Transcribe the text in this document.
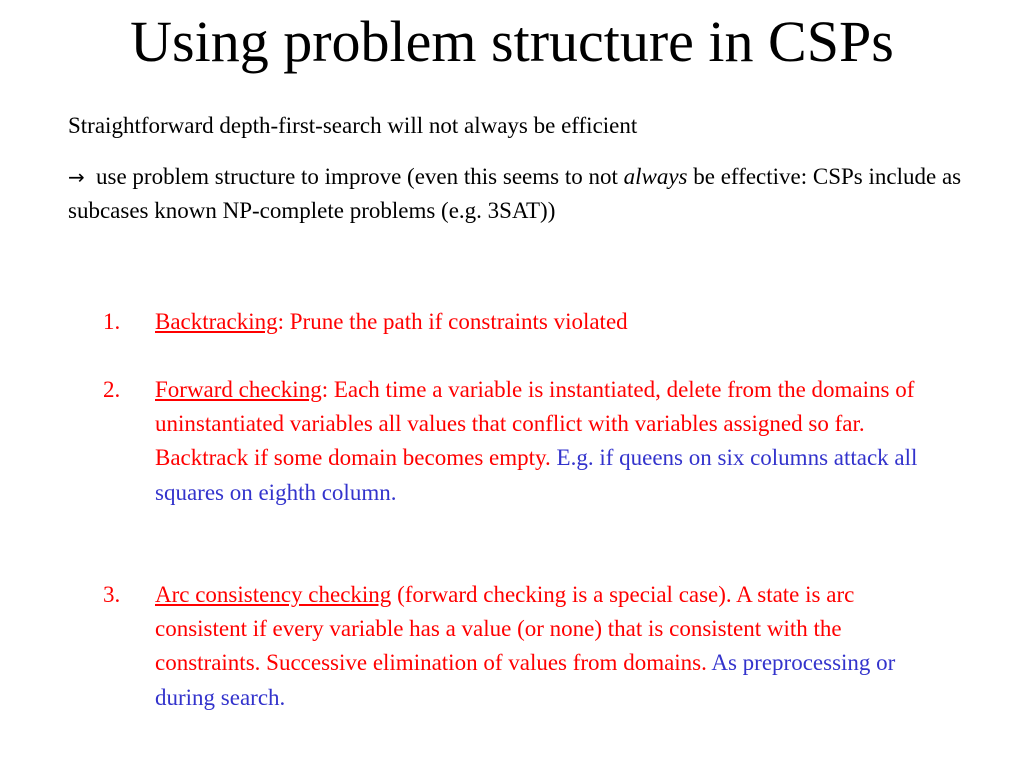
Using problem structure in CSPs

Straightforward depth-first-search will not always be efficient

→ use problem structure to improve (even this seems to not always be effective: CSPs include as subcases known NP-complete problems (e.g. 3SAT))

1. Backtracking: Prune the path if constraints violated
2. Forward checking: Each time a variable is instantiated, delete from the domains of uninstantiated variables all values that conflict with variables assigned so far. Backtrack if some domain becomes empty. E.g. if queens on six columns attack all squares on eighth column.
3. Arc consistency checking (forward checking is a special case). A state is arc consistent if every variable has a value (or none) that is consistent with the constraints. Successive elimination of values from domains. As preprocessing or during search.
